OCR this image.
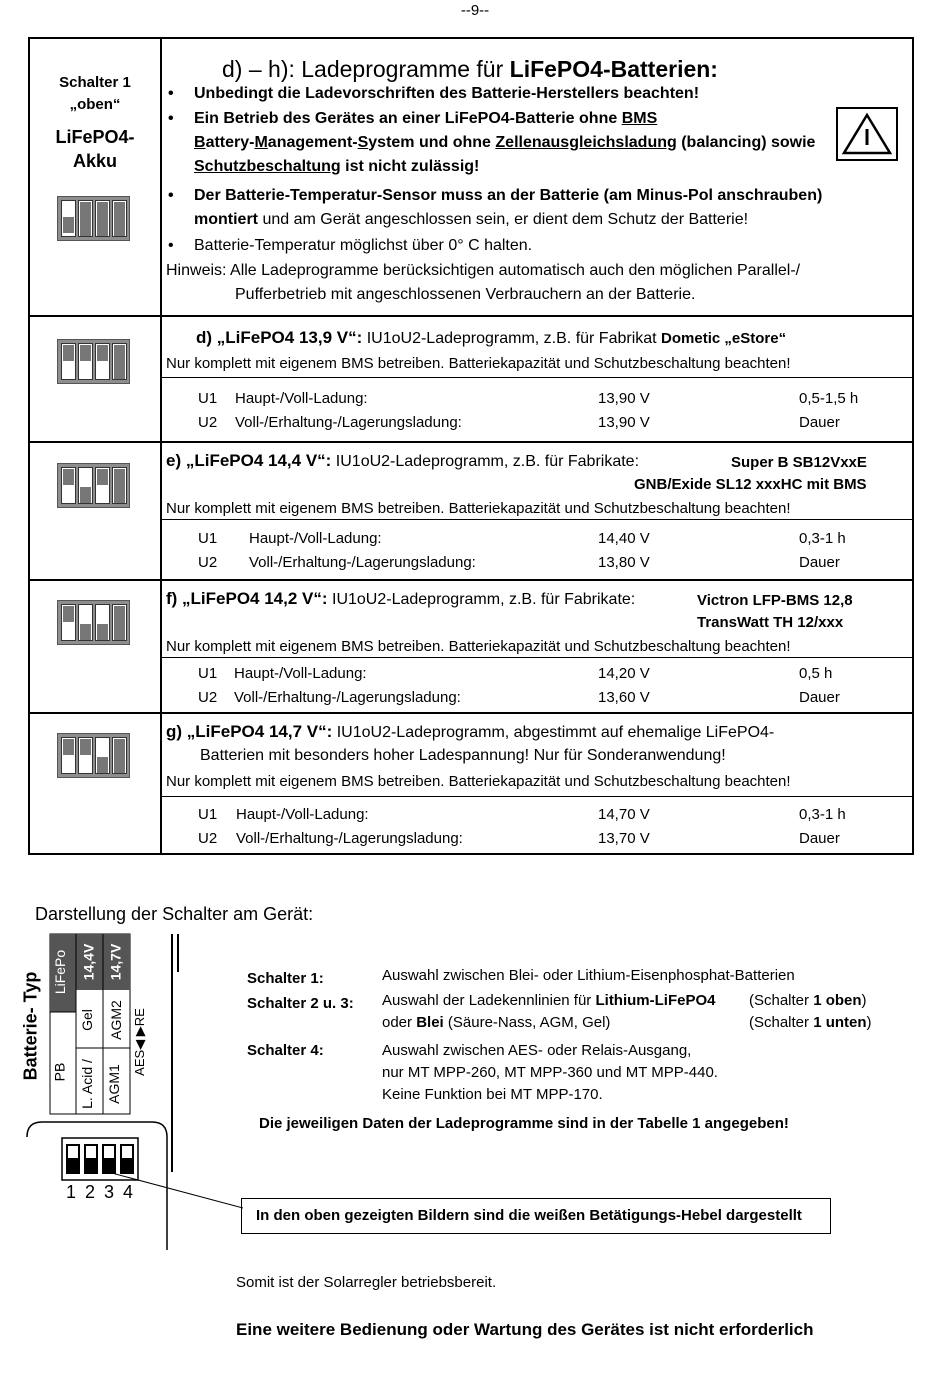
--9--
Schalter 1
„oben“
LiFePO4-
Akku
d) – h): Ladeprogramme für LiFePO4-Batterien:
• Unbedingt die Ladevorschriften des Batterie-Herstellers beachten!
• Ein Betrieb des Gerätes an einer LiFePO4-Batterie ohne BMS
Battery-Management-System und ohne Zellenausgleichsladung (balancing) sowie
Schutzbeschaltung ist nicht zulässig!
• Der Batterie-Temperatur-Sensor muss an der Batterie (am Minus-Pol anschrauben)
montiert und am Gerät angeschlossen sein, er dient dem Schutz der Batterie!
• Batterie-Temperatur möglichst über 0° C halten.
Hinweis: Alle Ladeprogramme berücksichtigen automatisch auch den möglichen Parallel-/
Pufferbetrieb mit angeschlossenen Verbrauchern an der Batterie.
d) „LiFePO4 13,9 V“: IU1oU2-Ladeprogramm, z.B. für Fabrikat Dometic „eStore“
Nur komplett mit eigenem BMS betreiben. Batteriekapazität und Schutzbeschaltung beachten!
U1 Haupt-/Voll-Ladung:	13,90 V	0,5-1,5 h
U2 Voll-/Erhaltung-/Lagerungsladung:	13,90 V	Dauer
e) „LiFePO4 14,4 V“: IU1oU2-Ladeprogramm, z.B. für Fabrikate:	Super B SB12VxxE
GNB/Exide SL12 xxxHC mit BMS
Nur komplett mit eigenem BMS betreiben. Batteriekapazität und Schutzbeschaltung beachten!
U1 Haupt-/Voll-Ladung:	14,40 V	0,3-1 h
U2 Voll-/Erhaltung-/Lagerungsladung:	13,80 V	Dauer
f) „LiFePO4 14,2 V“: IU1oU2-Ladeprogramm, z.B. für Fabrikate:	Victron LFP-BMS 12,8
TransWatt TH 12/xxx
Nur komplett mit eigenem BMS betreiben. Batteriekapazität und Schutzbeschaltung beachten!
U1 Haupt-/Voll-Ladung:	14,20 V	0,5 h
U2 Voll-/Erhaltung-/Lagerungsladung:	13,60 V	Dauer
g) „LiFePO4 14,7 V“: IU1oU2-Ladeprogramm, abgestimmt auf ehemalige LiFePO4-
Batterien mit besonders hoher Ladespannung! Nur für Sonderanwendung!
Nur komplett mit eigenem BMS betreiben. Batteriekapazität und Schutzbeschaltung beachten!
U1 Haupt-/Voll-Ladung:	14,70 V	0,3-1 h
U2 Voll-/Erhaltung-/Lagerungsladung:	13,70 V	Dauer
Darstellung der Schalter am Gerät:
Batterie- Typ LiFePo
PB
14,4V
Gel
L. Acid /
14,7V
AGM2
AGM1
AES◀ ▶RE
1 2 3 4
Schalter 1:	Auswahl zwischen Blei- oder Lithium-Eisenphosphat-Batterien
Schalter 2 u. 3: Auswahl der Ladekennlinien für Lithium-LiFePO4 (Schalter 1 oben)
oder Blei (Säure-Nass, AGM, Gel)	(Schalter 1 unten)
Schalter 4:	Auswahl zwischen AES- oder Relais-Ausgang,
nur MT MPP-260, MT MPP-360 und MT MPP-440.
Keine Funktion bei MT MPP-170.
Die jeweiligen Daten der Ladeprogramme sind in der Tabelle 1 angegeben!
In den oben gezeigten Bildern sind die weißen Betätigungs-Hebel dargestellt
Somit ist der Solarregler betriebsbereit.
Eine weitere Bedienung oder Wartung des Gerätes ist nicht erforderlich
